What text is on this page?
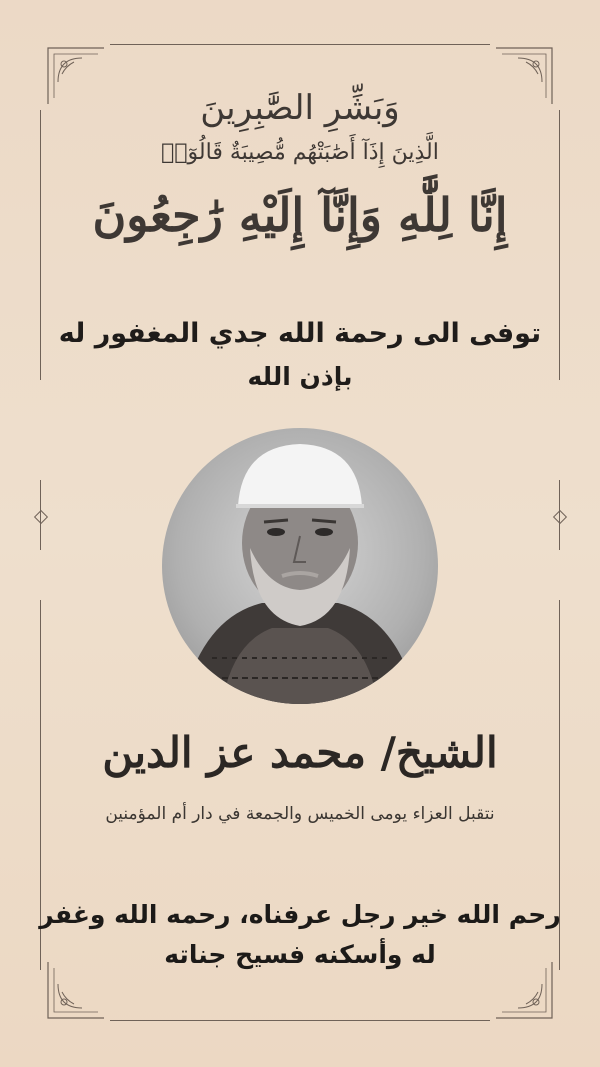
وَبَشِّرِ الصَّٰبِرِينَ
الَّذِينَ إِذَآ أَصَٰبَتْهُم مُّصِيبَةٌ قَالُوٓا۟
إِنَّا لِلَّٰهِ وَإِنَّآ إِلَيْهِ رَٰجِعُونَ
توفى الى رحمة الله جدي المغفور له
بإذن الله
الشيخ/ محمد عز الدين
نتقبل العزاء يومى الخميس والجمعة في دار أم المؤمنين
رحم الله خير رجل عرفناه، رحمه الله وغفر
له وأسكنه فسيح جناته
